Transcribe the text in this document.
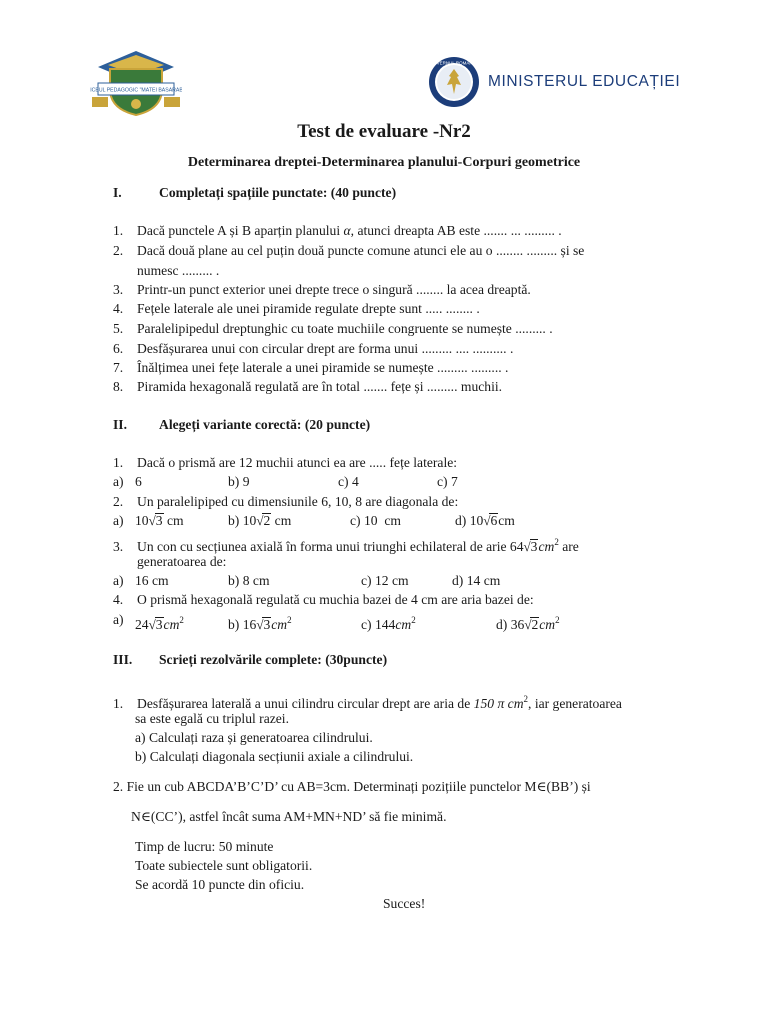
LICEUL PEDAGOGIC "MATEI BASARAB"
GUVERNUL ROMÂNIEI
MINISTERUL EDUCAȚIEI
Test de evaluare -Nr2
Determinarea dreptei-Determinarea planului-Corpuri geometrice
I.	Completați spațiile punctate: (40 puncte)
1. Dacă punctele A și B aparțin planului α, atunci dreapta AB este ....... ... ......... .
2. Dacă două plane au cel puțin două puncte comune atunci ele au o ........ ......... și se
numesc ......... .
3. Printr-un punct exterior unei drepte trece o singură ........ la acea dreaptă.
4. Fețele laterale ale unei piramide regulate drepte sunt ..... ........ .
5. Paralelipipedul dreptunghic cu toate muchiile congruente se numește ......... .
6. Desfășurarea unui con circular drept are forma unui ......... .... .......... .
7. Înălțimea unei fețe laterale a unei piramide se numește ......... ......... .
8. Piramida hexagonală regulată are în total ....... fețe și ......... muchii.
II. Alegeți variante corectă: (20 puncte)
1. Dacă o prismă are 12 muchii atunci ea are ..... fețe laterale:
a) 6	b) 9	c) 4	c) 7
2. Un paralelipiped cu dimensiunile 6, 10, 8 are diagonala de:
a) 10√3 cm	b) 10√2 cm	c) 10 cm	d) 10√6cm
3. Un con cu secțiunea axială în forma unui triunghi echilateral de arie $64√3cm^2$ are
generatoarea de:
a) 16 cm	b) 8 cm	c) 12 cm	d) 14 cm
4. O prismă hexagonală regulată cu muchia bazei de 4 cm are aria bazei de:
a) $24√3cm^2$	b) $16√3cm^2$	c) $144cm^2$	d) $36√2cm^2$
III. Scrieți rezolvările complete: (30puncte)
1. Desfășurarea laterală a unui cilindru circular drept are aria de 150 π $cm^2$, iar generatoarea
sa este egală cu triplul razei.
a) Calculați raza și generatoarea cilindrului.
b) Calculați diagonala secțiunii axiale a cilindrului.
2. Fie un cub ABCDA’B’C’D’ cu AB=3cm. Determinați pozițiile punctelor M∈(BB’) și
N∈(CC’), astfel încât suma AM+MN+ND’ să fie minimă.
Timp de lucru: 50 minute
Toate subiectele sunt obligatorii.
Se acordă 10 puncte din oficiu.
Succes!
